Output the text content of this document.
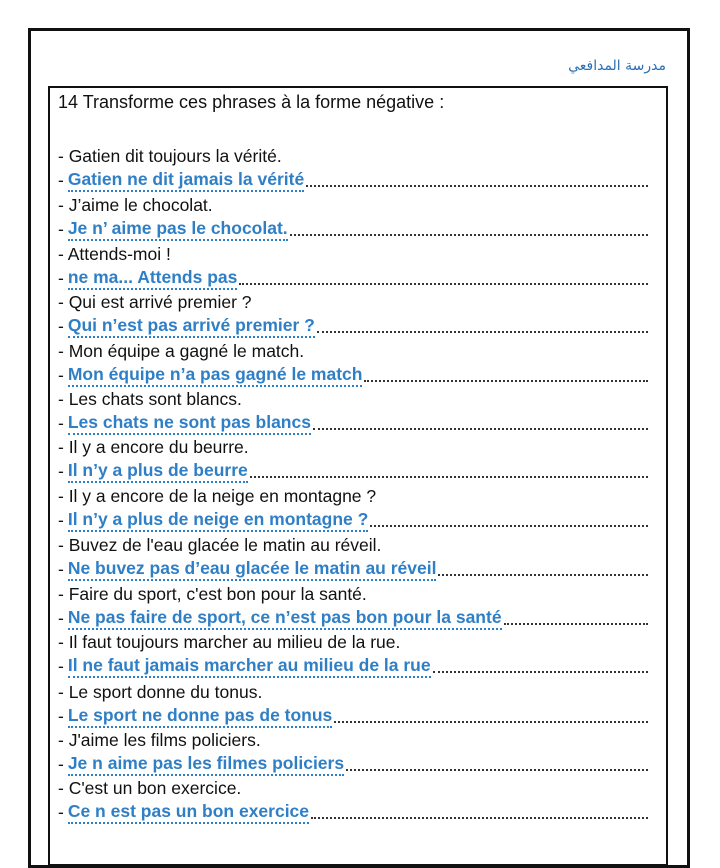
مدرسة المدافعي
14 Transforme ces phrases à la forme négative :
- Gatien dit toujours la vérité.
- Gatien ne dit jamais la vérité
- J’aime le chocolat.
- Je n’ aime pas le chocolat.
- Attends-moi !
- ne ma... Attends pas
- Qui est arrivé premier ?
- Qui n’est pas arrivé premier ?
- Mon équipe a gagné le match.
- Mon équipe n’a pas gagné le match
- Les chats sont blancs.
- Les chats ne sont pas blancs
- Il y a encore du beurre.
- Il n’y a plus de beurre
- Il y a encore de la neige en montagne ?
- Il n’y a plus de neige en montagne ?
- Buvez de l'eau glacée le matin au réveil.
- Ne buvez pas d’eau glacée le matin au réveil
- Faire du sport, c'est bon pour la santé.
- Ne pas faire de sport, ce n’est pas bon pour la santé
- Il faut toujours marcher au milieu de la rue.
- Il ne faut jamais marcher au milieu de la rue
- Le sport donne du tonus.
- Le sport ne donne pas de tonus
- J'aime les films policiers.
- Je n aime pas les filmes policiers
- C'est un bon exercice.
- Ce n est pas un bon exercice
